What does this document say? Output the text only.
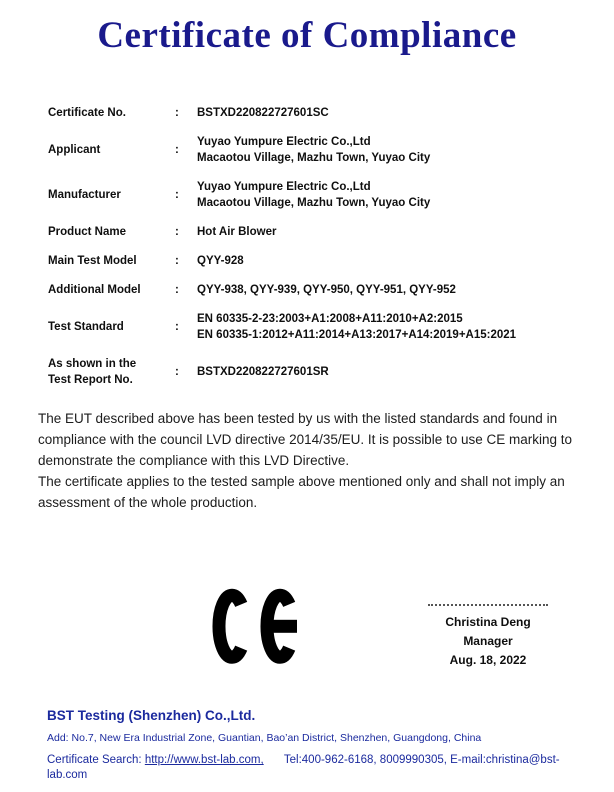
Certificate of Compliance
Certificate No.	:	BSTXD220822727601SC
Applicant	:
Yuyao Yumpure Electric Co.,Ltd
Macaotou Village, Mazhu Town, Yuyao City
Manufacturer	:
Yuyao Yumpure Electric Co.,Ltd
Macaotou Village, Mazhu Town, Yuyao City
Product Name	:	Hot Air Blower
Main Test Model	:	QYY-928
Additional Model	:	QYY-938, QYY-939, QYY-950, QYY-951, QYY-952
Test Standard	:
EN 60335-2-23:2003+A1:2008+A11:2010+A2:2015
EN 60335-1:2012+A11:2014+A13:2017+A14:2019+A15:2021
As shown in the
Test Report No.
:	BSTXD220822727601SR

The EUT described above has been tested by us with the listed standards and found in compliance with the council LVD directive 2014/35/EU. It is possible to use CE marking to demonstrate the compliance with this LVD Directive.

The certificate applies to the tested sample above mentioned only and shall not imply an assessment of the whole production.

Christina Deng
Manager
Aug. 18, 2022
BST Testing (Shenzhen) Co.,Ltd.
Add: No.7, New Era Industrial Zone, Guantian, Bao’an District, Shenzhen, Guangdong, China
Certificate Search: http://www.bst-lab.com, Tel:400-962-6168, 8009990305, E-mail:christina@bst-lab.com
